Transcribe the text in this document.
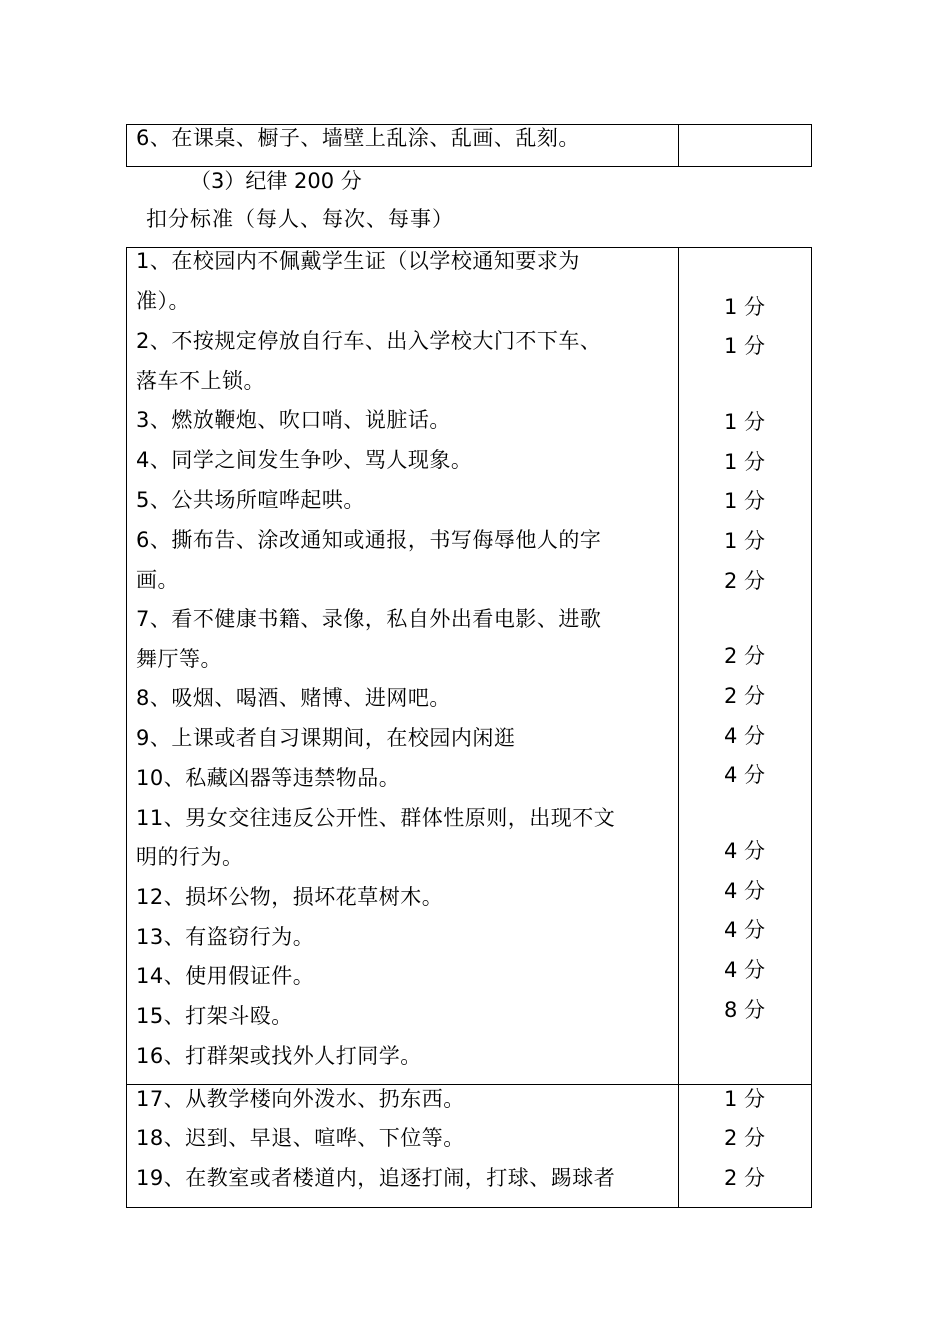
6、在课桌、橱子、墙壁上乱涂、乱画、乱刻。
（3）纪律 200 分
扣分标准（每人、每次、每事）
1、在校园内不佩戴学生证（以学校通知要求为
准）。
2、不按规定停放自行车、出入学校大门不下车、
落车不上锁。
3、燃放鞭炮、吹口哨、说脏话。
4、同学之间发生争吵、骂人现象。
5、公共场所喧哗起哄。
6、撕布告、涂改通知或通报，书写侮辱他人的字
画。
7、看不健康书籍、录像，私自外出看电影、进歌
舞厅等。
8、吸烟、喝酒、赌博、进网吧。
9、上课或者自习课期间，在校园内闲逛
10、私藏凶器等违禁物品。
11、男女交往违反公开性、群体性原则，出现不文
明的行为。
12、损坏公物，损坏花草树木。
13、有盗窃行为。
14、使用假证件。
15、打架斗殴。
16、打群架或找外人打同学。
1 分
1 分
1 分
1 分
1 分
1 分
2 分
2 分
2 分
4 分
4 分
4 分
4 分
4 分
4 分
8 分
17、从教学楼向外泼水、扔东西。
18、迟到、早退、喧哗、下位等。
19、在教室或者楼道内，追逐打闹，打球、踢球者
1 分
2 分
2 分
